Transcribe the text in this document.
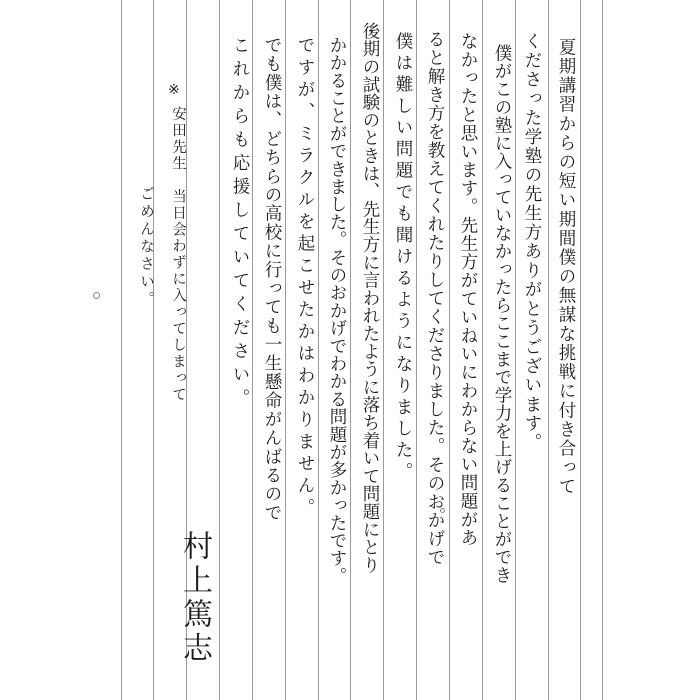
夏期講習からの短い期間僕の無謀な挑戦に付き合って
くださった学塾の先生方ありがとうございます。
僕がこの塾に入っていなかったらここまで学力を上げることができ
なかったと思います。先生方がていねいにわからない問題があ
ると解き方を教えてくれたりしてくださりました。そのおかげで
僕は難しい問題でも聞けるようになりました。
後期の試験のときは、先生方に言われたように落ち着いて問題にとり
かかることができました。そのおかげでわかる問題が多かったです。
ですが、ミラクルを起こせたかはわかりません。
でも僕は、どちらの高校に行っても一生懸命がんばるので
これからも応援していてください。
※
安田先生　当日会わずに入ってしまって
ごめんなさい。
村上篤志
